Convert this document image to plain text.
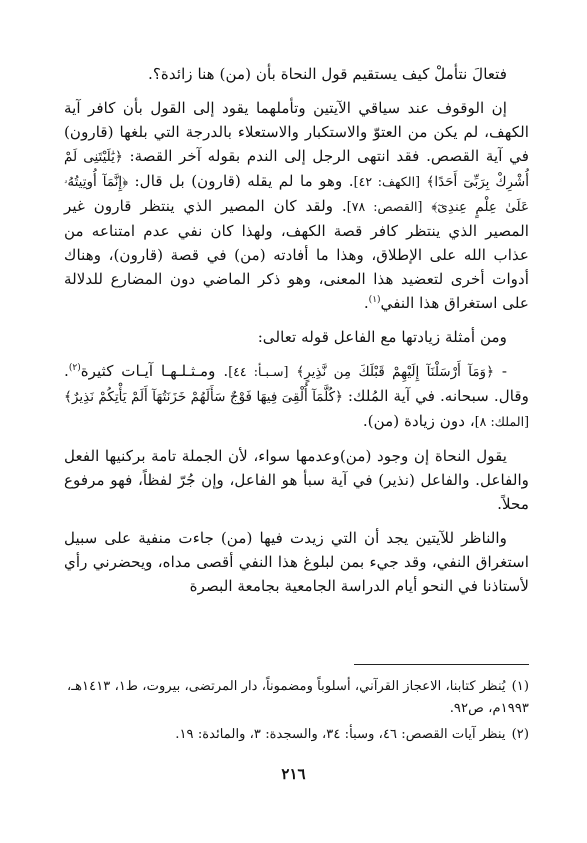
فتعالَ نتأملْ كيف يستقيم قول النحاة بأن (من) هنا زائدة؟.

إن الوقوف عند سياقي الآيتين وتأملهما يقود إلى القول بأن كافر آية الكهف، لم يكن من العتوّ والاستكبار والاستعلاء بالدرجة التي بلغها (قارون) في آية القصص. فقد انتهى الرجل إلى الندم بقوله آخر القصة: ﴿يَٰلَيْتَنِى لَمْ أُشْرِكْ بِرَبِّىٓ أَحَدًا﴾ [الكهف: ٤٢]. وهو ما لم يقله (قارون) بل قال: ﴿إِنَّمَآ أُوتِيتُهُۥ عَلَىٰ عِلْمٍ عِندِىٓ﴾ [القصص: ٧٨]. ولقد كان المصير الذي ينتظر قارون غير المصير الذي ينتظر كافر قصة الكهف، ولهذا كان نفي عدم امتناعه من عذاب الله على الإطلاق، وهذا ما أفادته (من) في قصة (قارون)، وهناك أدوات أخرى لتعضيد هذا المعنى، وهو ذكر الماضي دون المضارع للدلالة على استغراق هذا النفي$^{(١)}$.

ومن أمثلة زيادتها مع الفاعل قوله تعالى:

- ﴿وَمَآ أَرْسَلْنَآ إِلَيْهِمْ قَبْلَكَ مِن نَّذِيرٍ﴾ [سـبـأ: ٤٤]. ومـثـلـهـا آيـات كثيرة$^{(٢)}$. وقال. سبحانه. في آية المُلك: ﴿كُلَّمَآ أُلْقِىَ فِيهَا فَوْجٌ سَأَلَهُمْ خَزَنَتُهَآ أَلَمْ يَأْتِكُمْ نَذِيرٌ﴾ [الملك: ٨]، دون زيادة (من).

يقول النحاة إن وجود (من)وعدمها سواء، لأن الجملة تامة بركنيها الفعل والفاعل. والفاعل (نذير) في آية سبأ هو الفاعل، وإن جُرّ لفظاً، فهو مرفوع محلاً.

والناظر للآيتين يجد أن التي زيدت فيها (من) جاءت منفية على سبيل استغراق النفي، وقد جيء بمن لبلوغ هذا النفي أقصى مداه، ويحضرني رأي لأستاذنا في النحو أيام الدراسة الجامعية بجامعة البصرة

(١)يُنظر كتابنا، الاعجاز القرآني، أسلوباً ومضموناً، دار المرتضى، بيروت، ط١، ١٤١٣هـ، ١٩٩٣م، ص٩٢.
(٢)ينظر آيات القصص: ٤٦، وسبأ: ٣٤، والسجدة: ٣، والمائدة: ١٩.
٢١٦
